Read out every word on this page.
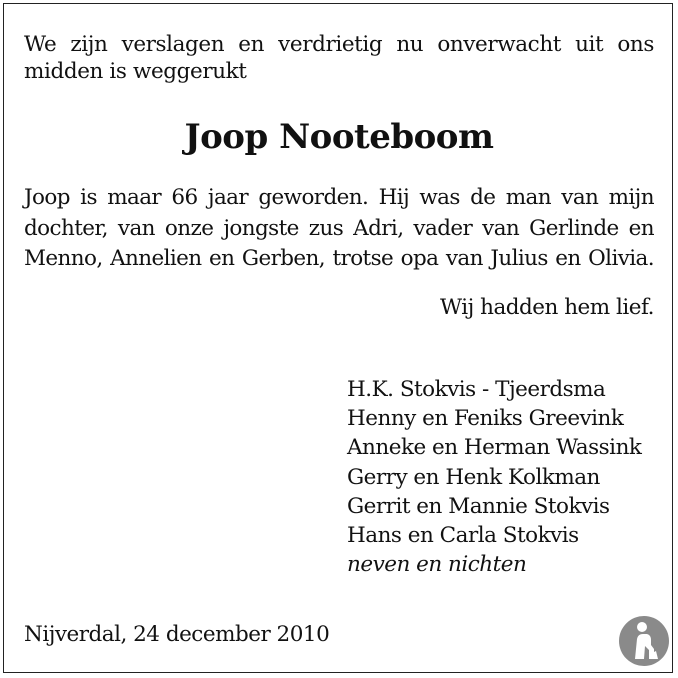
We zijn verslagen en verdrietig nu onverwacht uit ons midden is weggerukt

Joop Nooteboom

Joop is maar 66 jaar geworden. Hij was de man van mijn dochter, van onze jongste zus Adri, vader van Gerlinde en Menno, Annelien en Gerben, trotse opa van Julius en Olivia.

Wij hadden hem lief.

H.K. Stokvis - Tjeerdsma
Henny en Feniks Greevink
Anneke en Herman Wassink
Gerry en Henk Kolkman
Gerrit en Mannie Stokvis
Hans en Carla Stokvis
neven en nichten

Nijverdal, 24 december 2010
